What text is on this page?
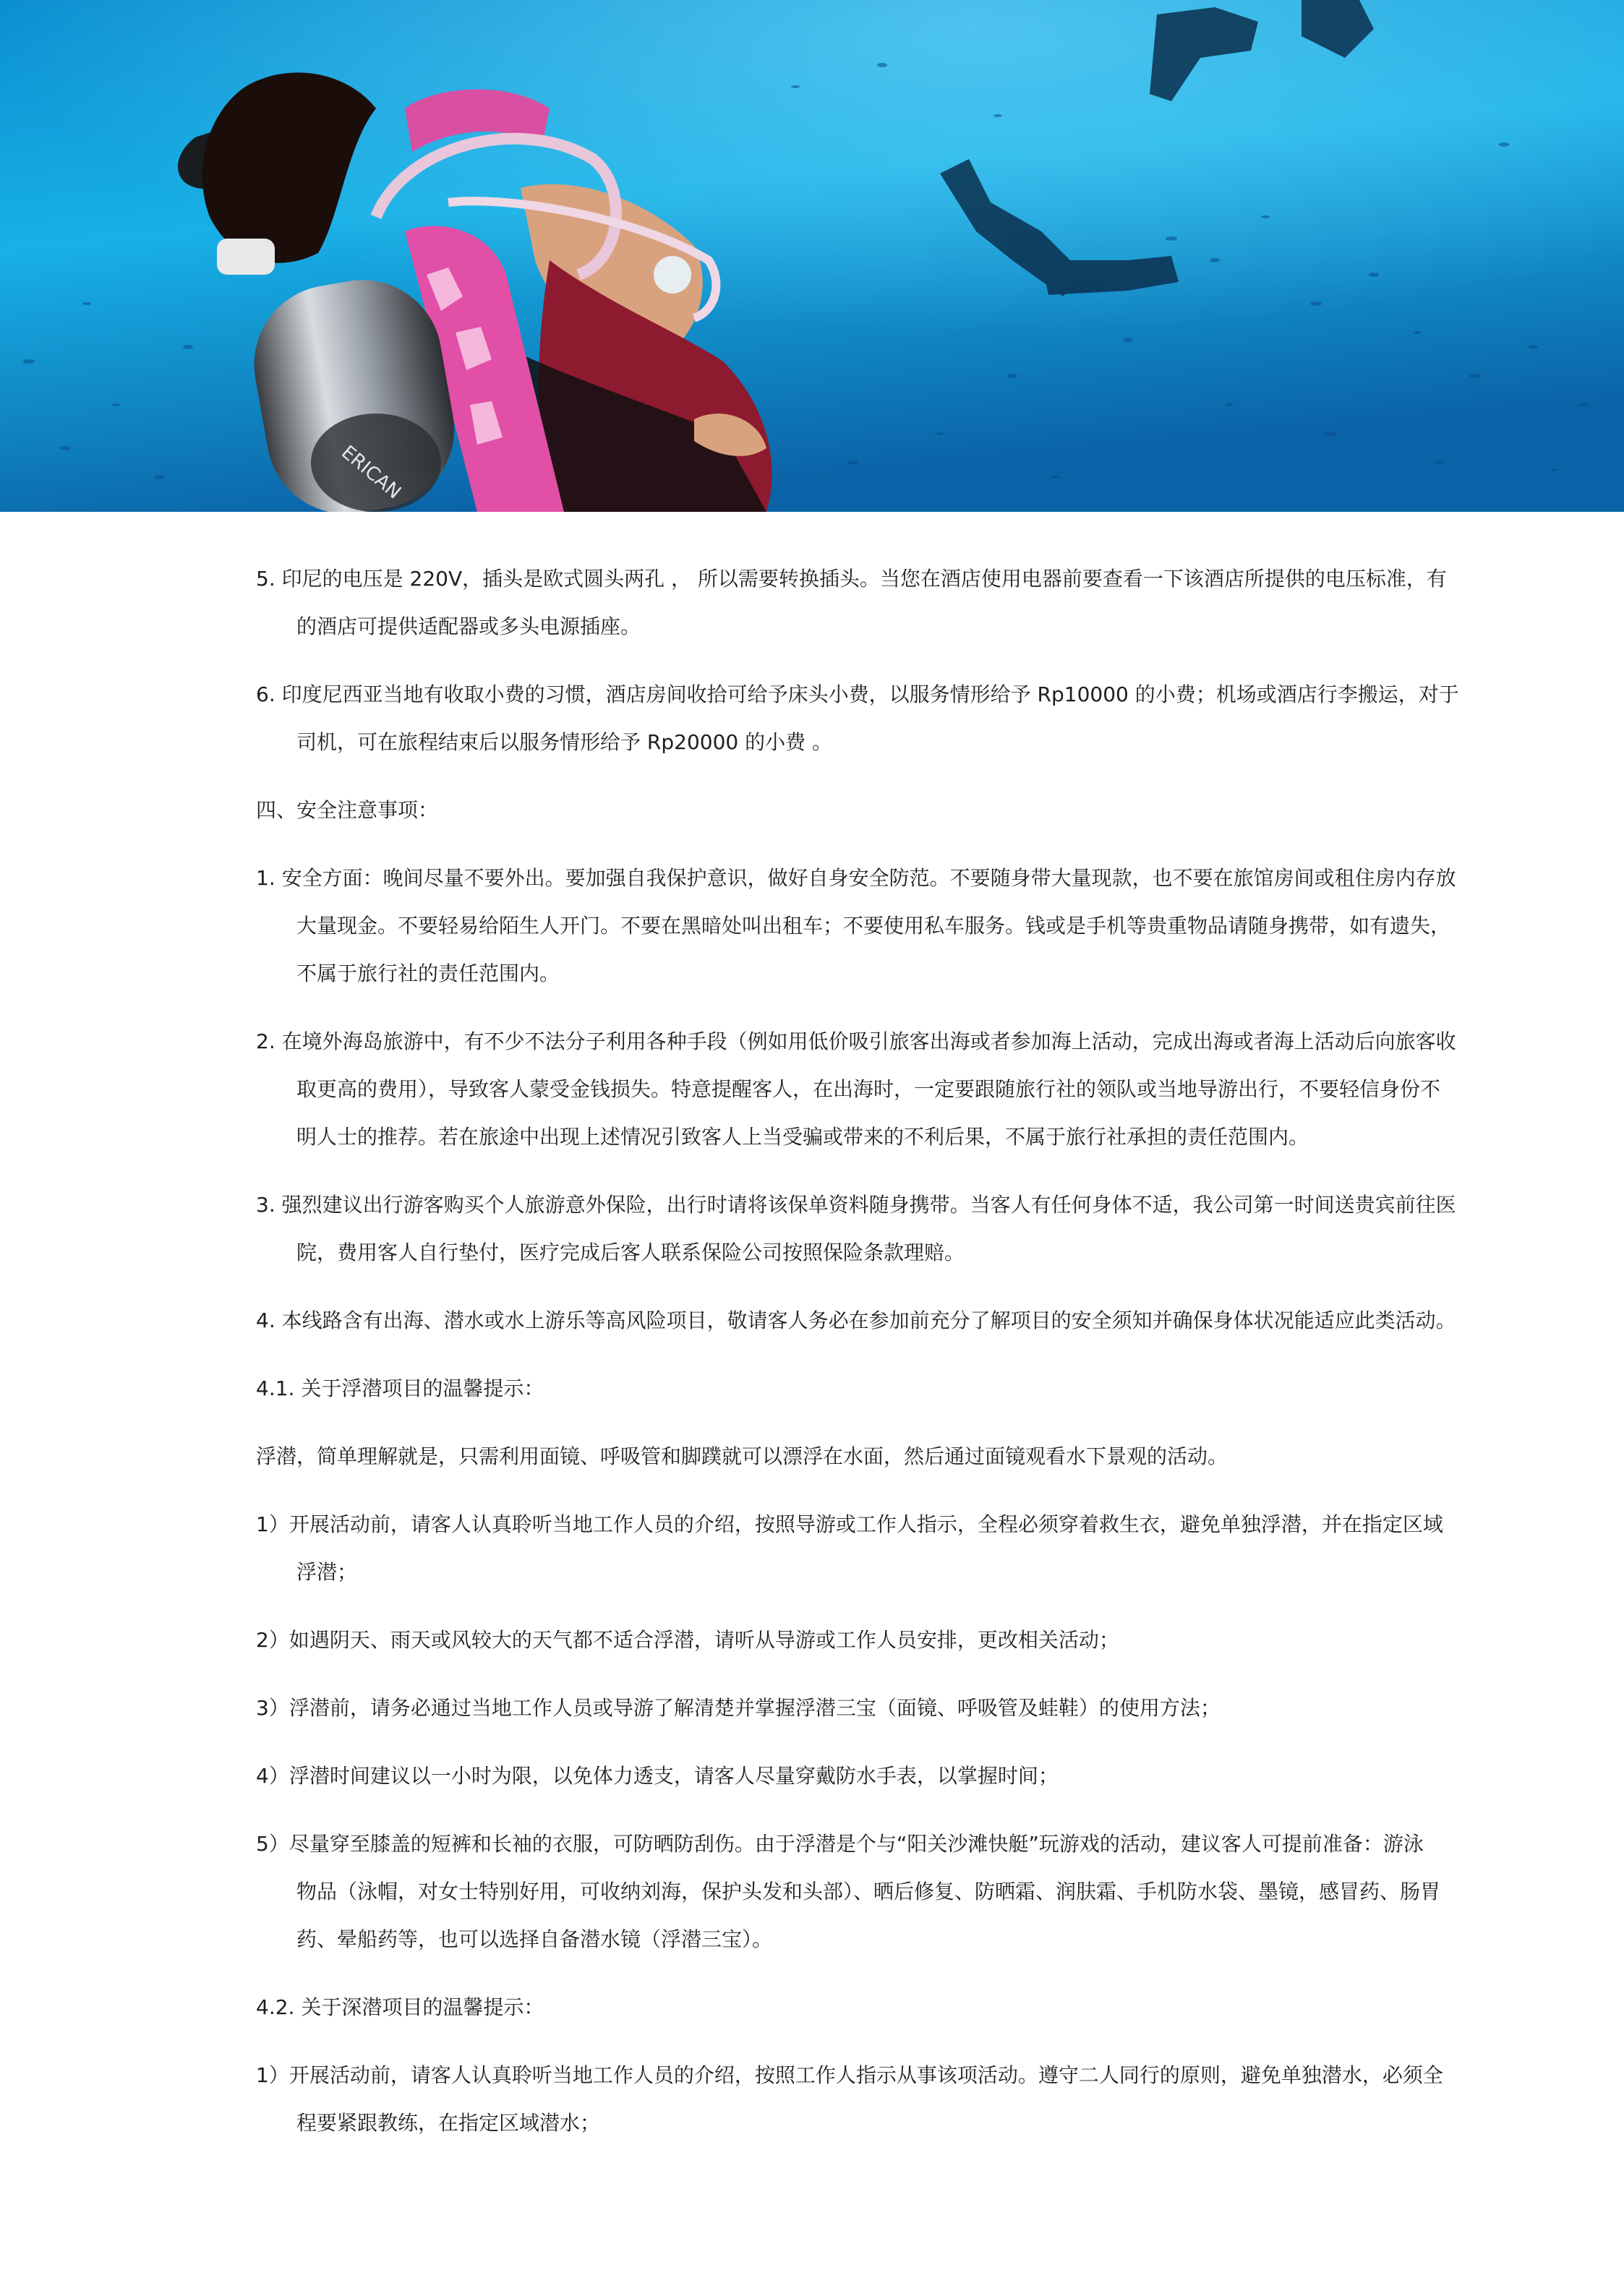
ERICAN
5. 印尼的电压是 220V，插头是欧式圆头两孔 ， 所以需要转换插头。当您在酒店使用电器前要查看一下该酒店所提供的电压标准，有
的酒店可提供适配器或多头电源插座。
6. 印度尼西亚当地有收取小费的习惯，酒店房间收拾可给予床头小费，以服务情形给予 Rp10000 的小费；机场或酒店行李搬运，对于
司机，可在旅程结束后以服务情形给予 Rp20000 的小费 。
四、安全注意事项：
1. 安全方面：晚间尽量不要外出。要加强自我保护意识，做好自身安全防范。不要随身带大量现款，也不要在旅馆房间或租住房内存放
大量现金。不要轻易给陌生人开门。不要在黑暗处叫出租车；不要使用私车服务。钱或是手机等贵重物品请随身携带，如有遗失，
不属于旅行社的责任范围内。
2. 在境外海岛旅游中，有不少不法分子利用各种手段（例如用低价吸引旅客出海或者参加海上活动，完成出海或者海上活动后向旅客收
取更高的费用），导致客人蒙受金钱损失。特意提醒客人，在出海时，一定要跟随旅行社的领队或当地导游出行，不要轻信身份不
明人士的推荐。若在旅途中出现上述情况引致客人上当受骗或带来的不利后果，不属于旅行社承担的责任范围内。
3. 强烈建议出行游客购买个人旅游意外保险，出行时请将该保单资料随身携带。当客人有任何身体不适，我公司第一时间送贵宾前往医
院，费用客人自行垫付，医疗完成后客人联系保险公司按照保险条款理赔。
4. 本线路含有出海、潜水或水上游乐等高风险项目，敬请客人务必在参加前充分了解项目的安全须知并确保身体状况能适应此类活动。
4.1. 关于浮潜项目的温馨提示：
浮潜，简单理解就是，只需利用面镜、呼吸管和脚蹼就可以漂浮在水面，然后通过面镜观看水下景观的活动。
1）开展活动前，请客人认真聆听当地工作人员的介绍，按照导游或工作人指示，全程必须穿着救生衣，避免单独浮潜，并在指定区域
浮潜；
2）如遇阴天、雨天或风较大的天气都不适合浮潜，请听从导游或工作人员安排，更改相关活动；
3）浮潜前，请务必通过当地工作人员或导游了解清楚并掌握浮潜三宝（面镜、呼吸管及蛙鞋）的使用方法；
4）浮潜时间建议以一小时为限，以免体力透支，请客人尽量穿戴防水手表，以掌握时间；
5）尽量穿至膝盖的短裤和长袖的衣服，可防晒防刮伤。由于浮潜是个与“阳关沙滩快艇”玩游戏的活动，建议客人可提前准备：游泳
物品（泳帽，对女士特别好用，可收纳刘海，保护头发和头部）、晒后修复、防晒霜、润肤霜、手机防水袋、墨镜，感冒药、肠胃
药、晕船药等，也可以选择自备潜水镜（浮潜三宝）。
4.2. 关于深潜项目的温馨提示：
1）开展活动前，请客人认真聆听当地工作人员的介绍，按照工作人指示从事该项活动。遵守二人同行的原则，避免单独潜水，必须全
程要紧跟教练，在指定区域潜水；
